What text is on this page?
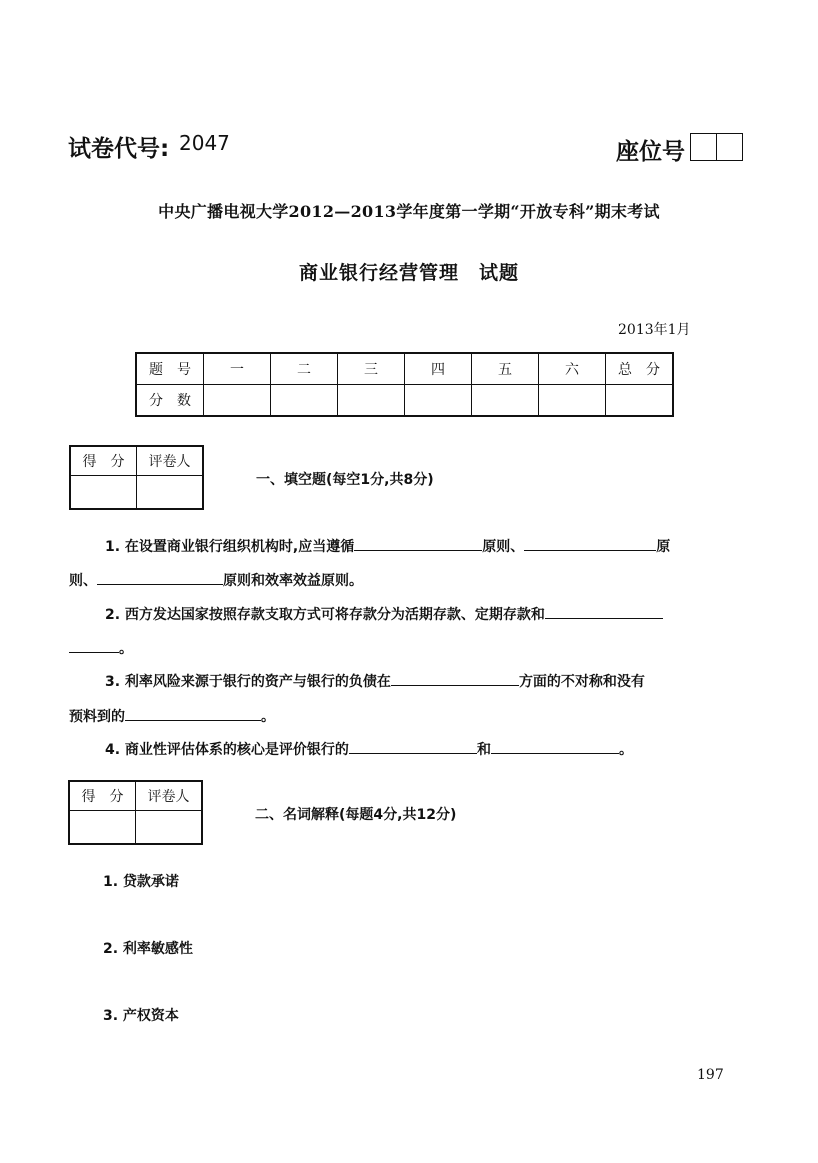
试卷代号: 2047	座位号
中央广播电视大学2012—2013学年度第一学期“开放专科”期末考试
商业银行经营管理　试题
2013年1月
题　号	一	二	三	四	五	六	总　分
分　数							
得　分	评卷人

一、填空题(每空1分,共8分)
1. 在设置商业银行组织机构时,应当遵循	原则、	原
则、	原则和效率效益原则。
2. 西方发达国家按照存款支取方式可将存款分为活期存款、定期存款和
。
3. 利率风险来源于银行的资产与银行的负债在	方面的不对称和没有
预料到的	。
4. 商业性评估体系的核心是评价银行的	和	。
得　分	评卷人

二、名词解释(每题4分,共12分)
1. 贷款承诺
2. 利率敏感性
3. 产权资本
197
